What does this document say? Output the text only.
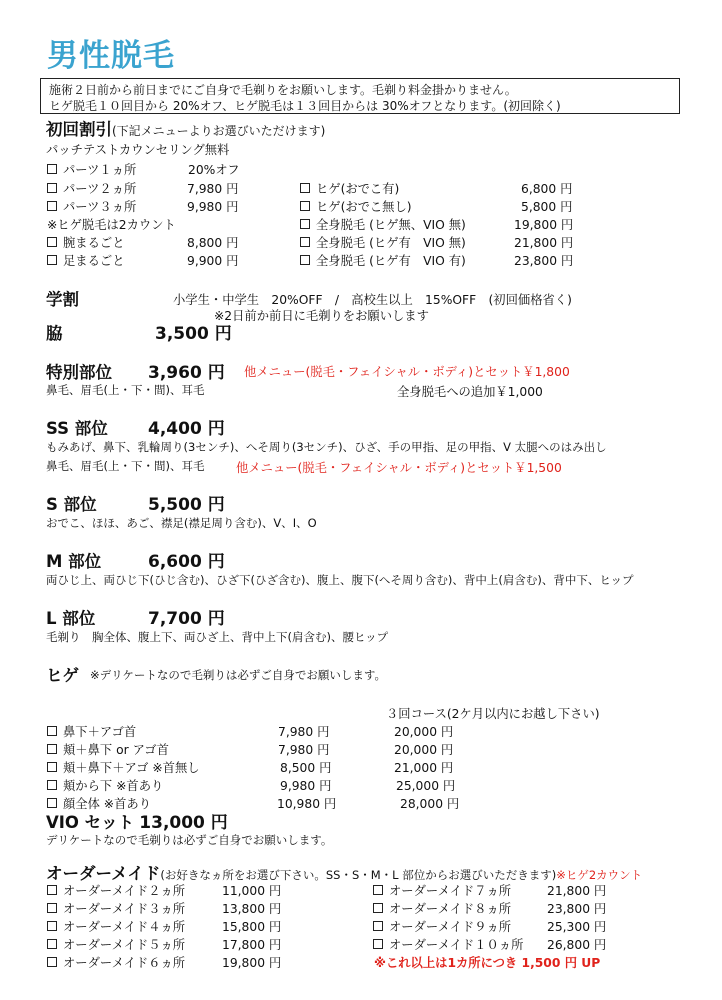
男性脱毛
施術２日前から前日までにご自身で毛剃りをお願いします。毛剃り料金掛かりません。
ヒゲ脱毛１０回目から 20%オフ、ヒゲ脱毛は１３回目からは 30%オフとなります。(初回除く)
初回割引(下記メニューよりお選びいただけます)
パッチテストカウンセリング無料
パーツ１ヵ所	20%オフ
パーツ２ヵ所	7,980 円
パーツ３ヵ所	9,980 円
※ヒゲ脱毛は2カウント
腕まるごと	8,800 円
足まるごと	9,900 円
ヒゲ(おでこ有)	6,800 円
ヒゲ(おでこ無し)	5,800 円
全身脱毛 (ヒゲ無、VIO 無)	19,800 円
全身脱毛 (ヒゲ有　VIO 無)	21,800 円
全身脱毛 (ヒゲ有　VIO 有)	23,800 円
学割	小学生・中学生　20%OFF　/　高校生以上　15%OFF　(初回価格省く)
※2日前か前日に毛剃りをお願いします
脇	3,500 円
特別部位 3,960 円 他メニュー(脱毛・フェイシャル・ボディ)とセット￥1,800
鼻毛、眉毛(上・下・間)、耳毛	全身脱毛への追加￥1,000
SS 部位 4,400 円
もみあげ、鼻下、乳輪周り(3センチ)、へそ周り(3センチ)、ひざ、手の甲指、足の甲指、V 太腿へのはみ出し
鼻毛、眉毛(上・下・間)、耳毛	他メニュー(脱毛・フェイシャル・ボディ)とセット￥1,500
S 部位	5,500 円
おでこ、ほほ、あご、襟足(襟足周り含む)、V、I、O
M 部位	6,600 円
両ひじ上、両ひじ下(ひじ含む)、ひざ下(ひざ含む)、腹上、腹下(へそ周り含む)、背中上(肩含む)、背中下、ヒップ
L 部位	7,700 円
毛剃り　胸全体、腹上下、両ひざ上、背中上下(肩含む)、腰ヒップ
ヒゲ ※デリケートなので毛剃りは必ずご自身でお願いします。
３回コース(2ケ月以内にお越し下さい)
鼻下＋アゴ首	7,980 円	20,000 円
頬＋鼻下 or アゴ首	7,980 円	20,000 円
頬＋鼻下＋アゴ ※首無し	8,500 円	21,000 円
頬から下 ※首あり	9,980 円	25,000 円
顔全体 ※首あり	10,980 円	28,000 円
VIO セット 13,000 円
デリケートなので毛剃りは必ずご自身でお願いします。
オーダーメイド(お好きなヵ所をお選び下さい。SS・S・M・L 部位からお選びいただきます)※ヒゲ2カウント
オーダーメイド２ヵ所	11,000 円
オーダーメイド３ヵ所	13,800 円
オーダーメイド４ヵ所	15,800 円
オーダーメイド５ヵ所	17,800 円
オーダーメイド６ヵ所	19,800 円
オーダーメイド７ヵ所	21,800 円
オーダーメイド８ヵ所	23,800 円
オーダーメイド９ヵ所	25,300 円
オーダーメイド１０ヵ所 26,800 円
※これ以上は1カ所につき 1,500 円 UP
